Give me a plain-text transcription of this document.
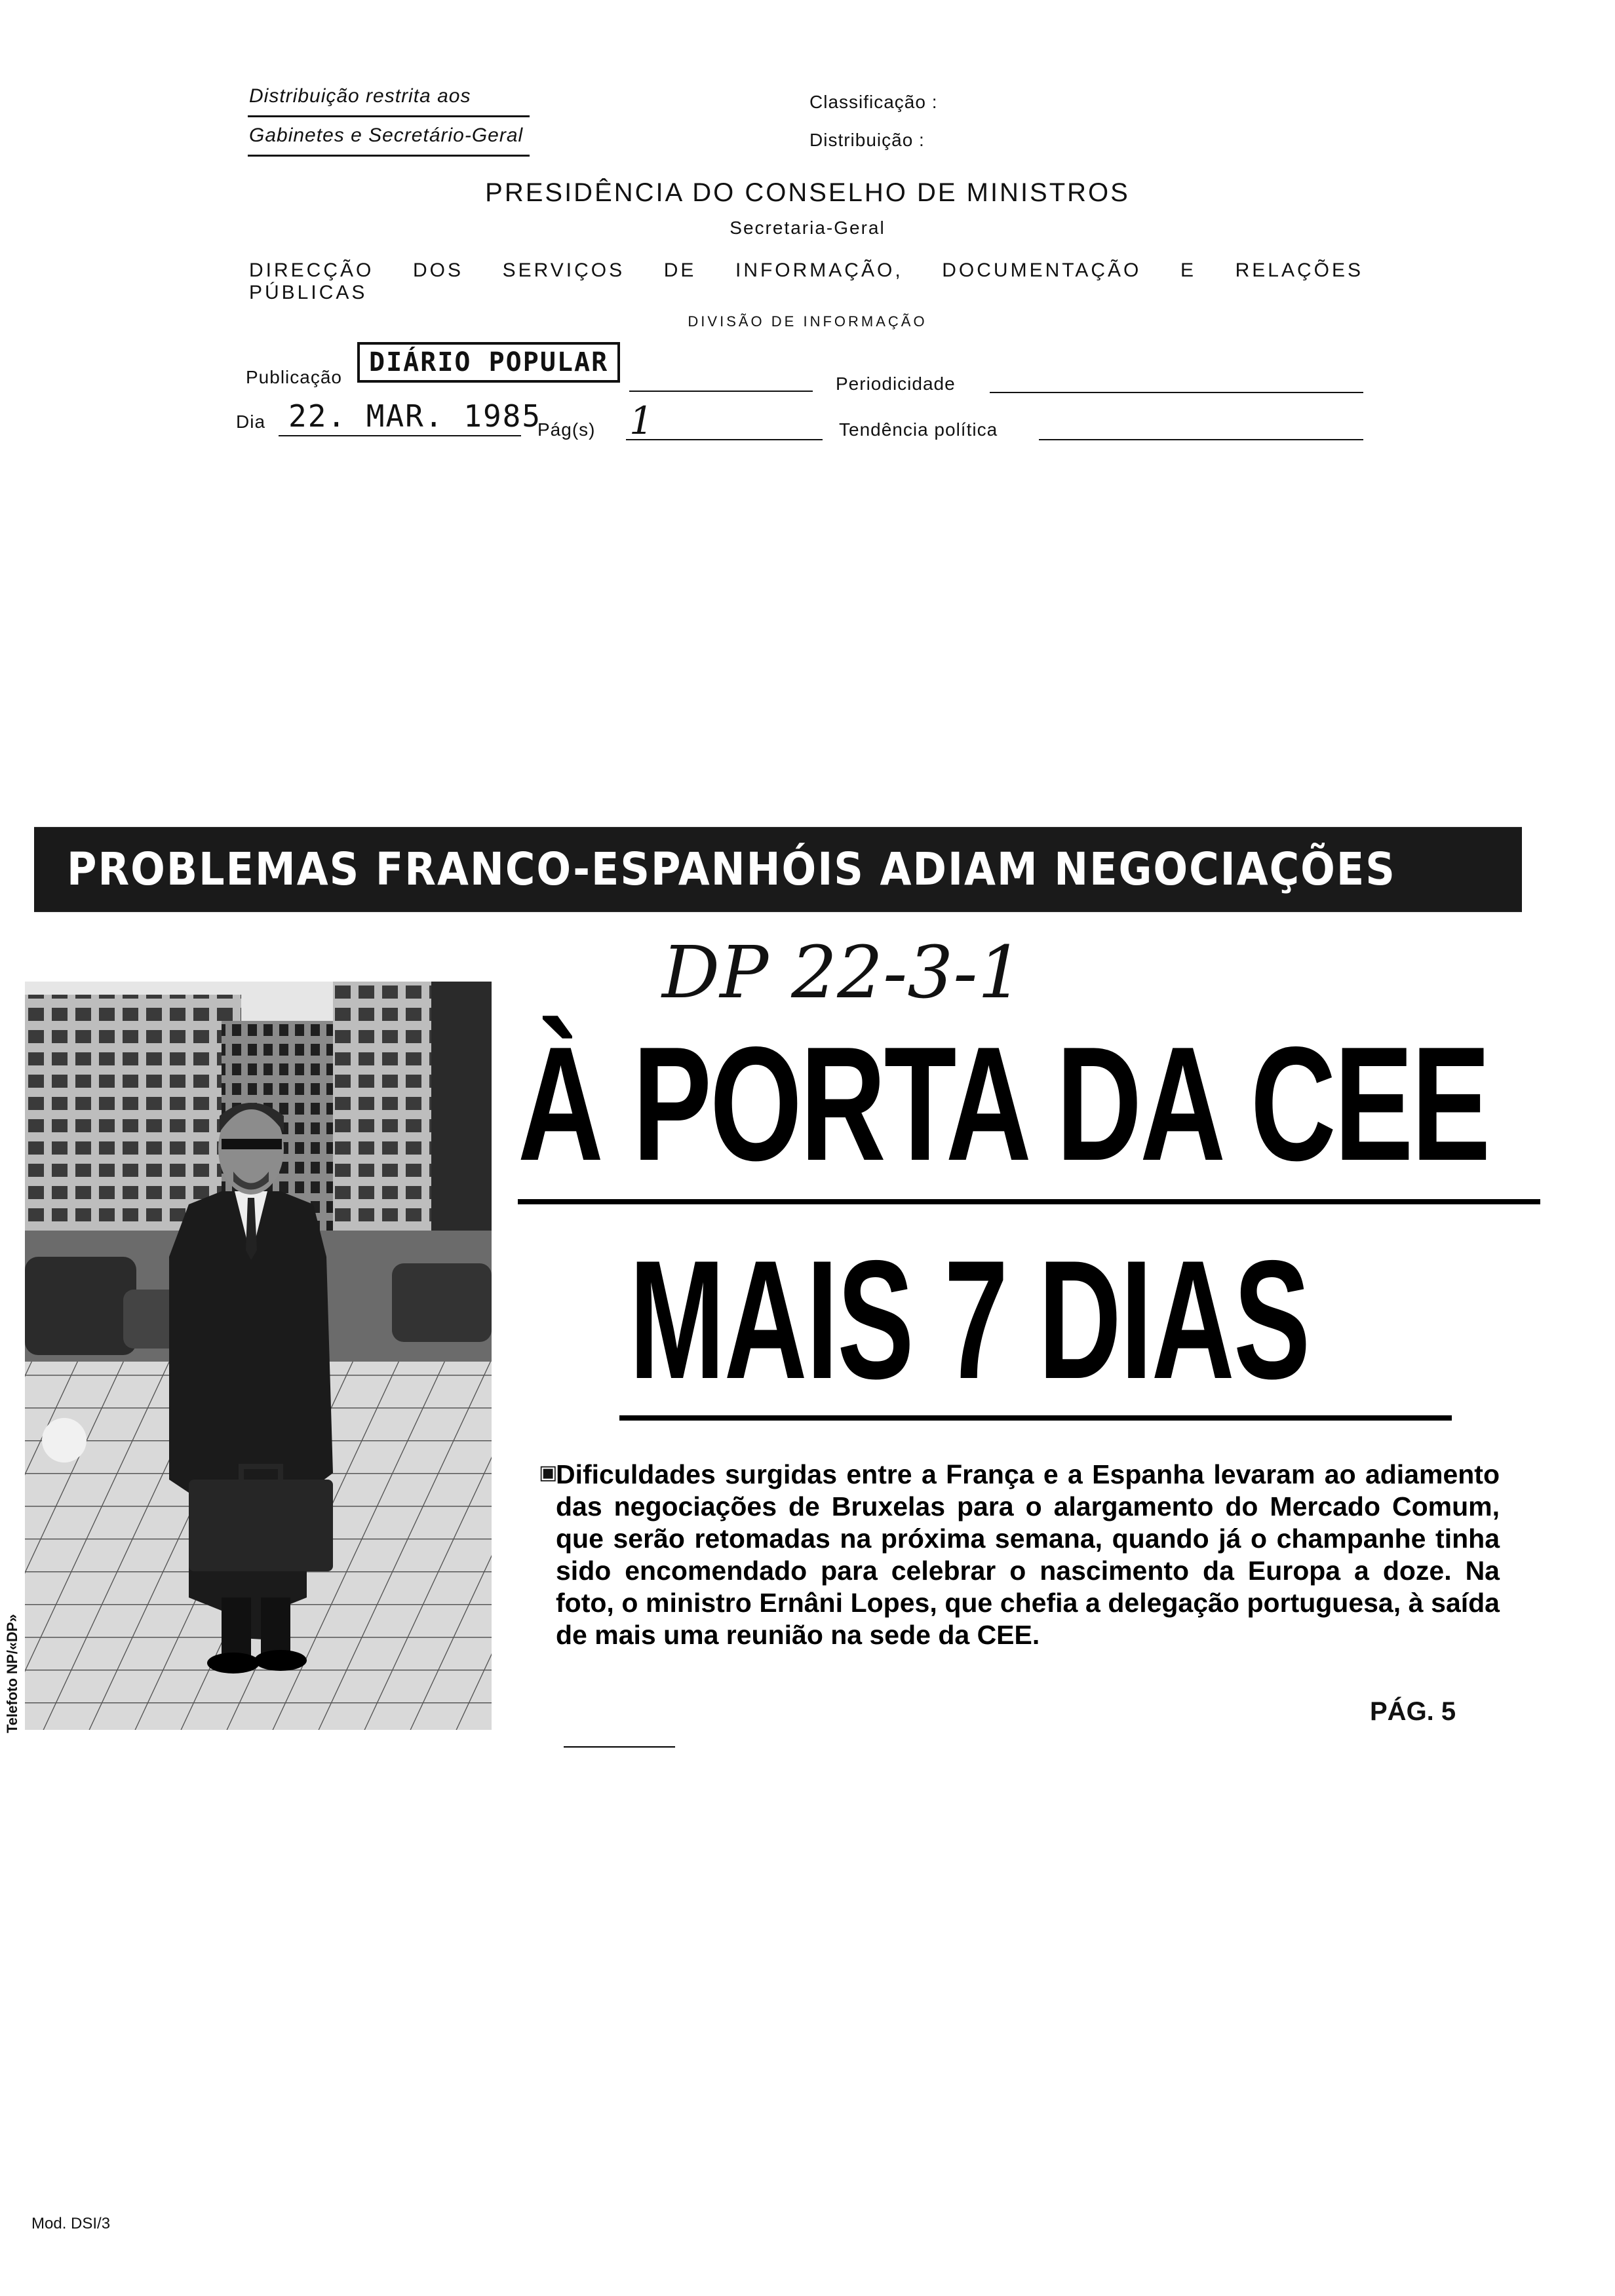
Distribuição restrita aos
Gabinetes e Secretário-Geral
Classificação :
Distribuição :
PRESIDÊNCIA DO CONSELHO DE MINISTROS
Secretaria-Geral
DIRECÇÃO DOS SERVIÇOS DE INFORMAÇÃO, DOCUMENTAÇÃO E RELAÇÕES PÚBLICAS
DIVISÃO DE INFORMAÇÃO
Publicação	DIÁRIO POPULAR
Periodicidade
Dia 22. MAR. 1985
Pág(s) 1	Tendência política
PROBLEMAS FRANCO-ESPANHÓIS ADIAM NEGOCIAÇÕES
Telefoto NP/«DP»
DP 22-3-1
À PORTA DA CEE
MAIS 7 DIAS
▣
Dificuldades surgidas entre a França e a Espanha levaram ao adiamento das negociações de Bruxelas para o alargamento do Mercado Comum, que serão retomadas na próxima semana, quando já o champanhe tinha sido encomendado para celebrar o nascimento da Europa a doze. Na foto, o ministro Ernâni Lopes, que chefia a delegação portuguesa, à saída de mais uma reunião na sede da CEE.
PÁG. 5
Mod. DSI/3
